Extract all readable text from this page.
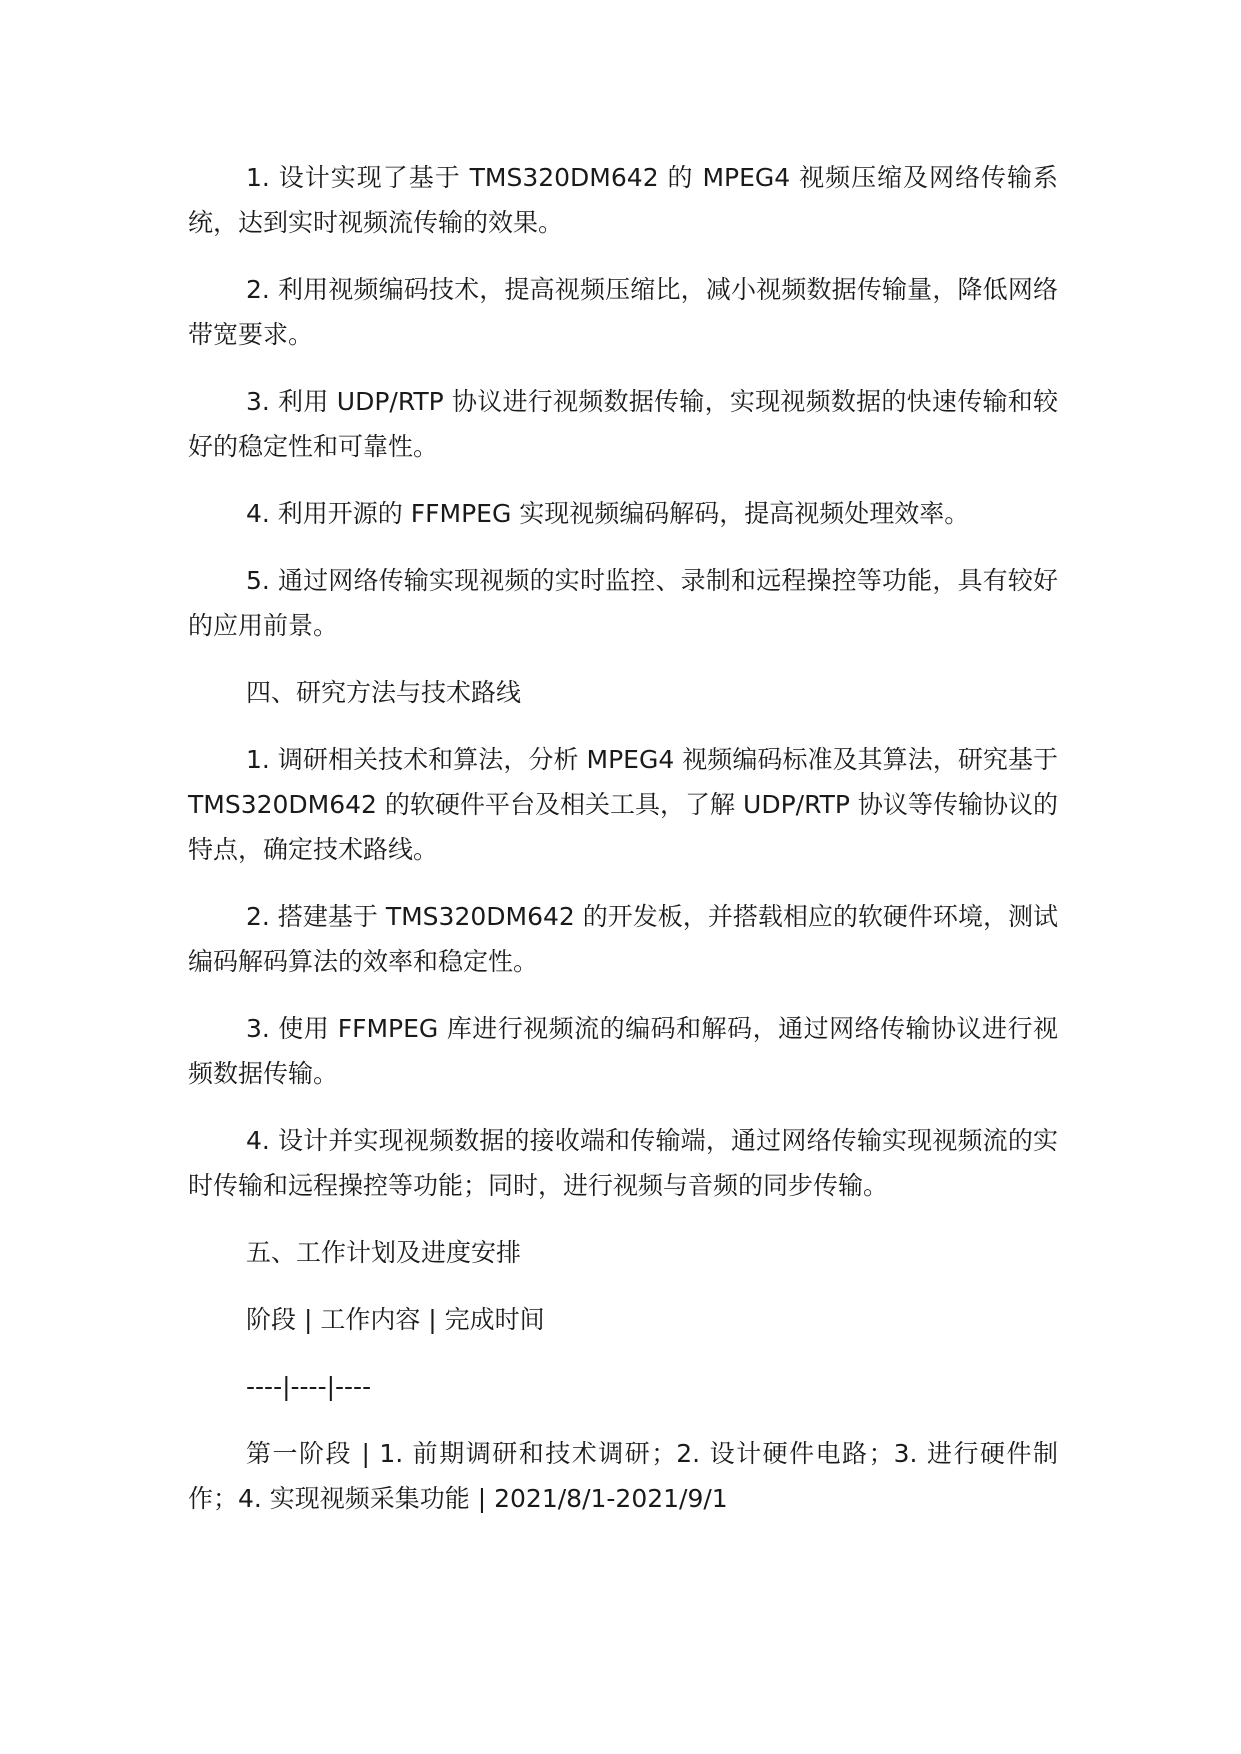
1. 设计实现了基于 TMS320DM642 的 MPEG4 视频压缩及网络传输系统，达到实时视频流传输的效果。

2. 利用视频编码技术，提高视频压缩比，减小视频数据传输量，降低网络带宽要求。

3. 利用 UDP/RTP 协议进行视频数据传输，实现视频数据的快速传输和较好的稳定性和可靠性。

4. 利用开源的 FFMPEG 实现视频编码解码，提高视频处理效率。

5. 通过网络传输实现视频的实时监控、录制和远程操控等功能，具有较好的应用前景。

四、研究方法与技术路线

1. 调研相关技术和算法，分析 MPEG4 视频编码标准及其算法，研究基于 TMS320DM642 的软硬件平台及相关工具，了解 UDP/RTP 协议等传输协议的特点，确定技术路线。

2. 搭建基于 TMS320DM642 的开发板，并搭载相应的软硬件环境，测试编码解码算法的效率和稳定性。

3. 使用 FFMPEG 库进行视频流的编码和解码，通过网络传输协议进行视频数据传输。

4. 设计并实现视频数据的接收端和传输端，通过网络传输实现视频流的实时传输和远程操控等功能；同时，进行视频与音频的同步传输。

五、工作计划及进度安排

阶段 | 工作内容 | 完成时间

----|----|----

第一阶段 | 1. 前期调研和技术调研；2. 设计硬件电路；3. 进行硬件制作；4. 实现视频采集功能 | 2021/8/1-2021/9/1
